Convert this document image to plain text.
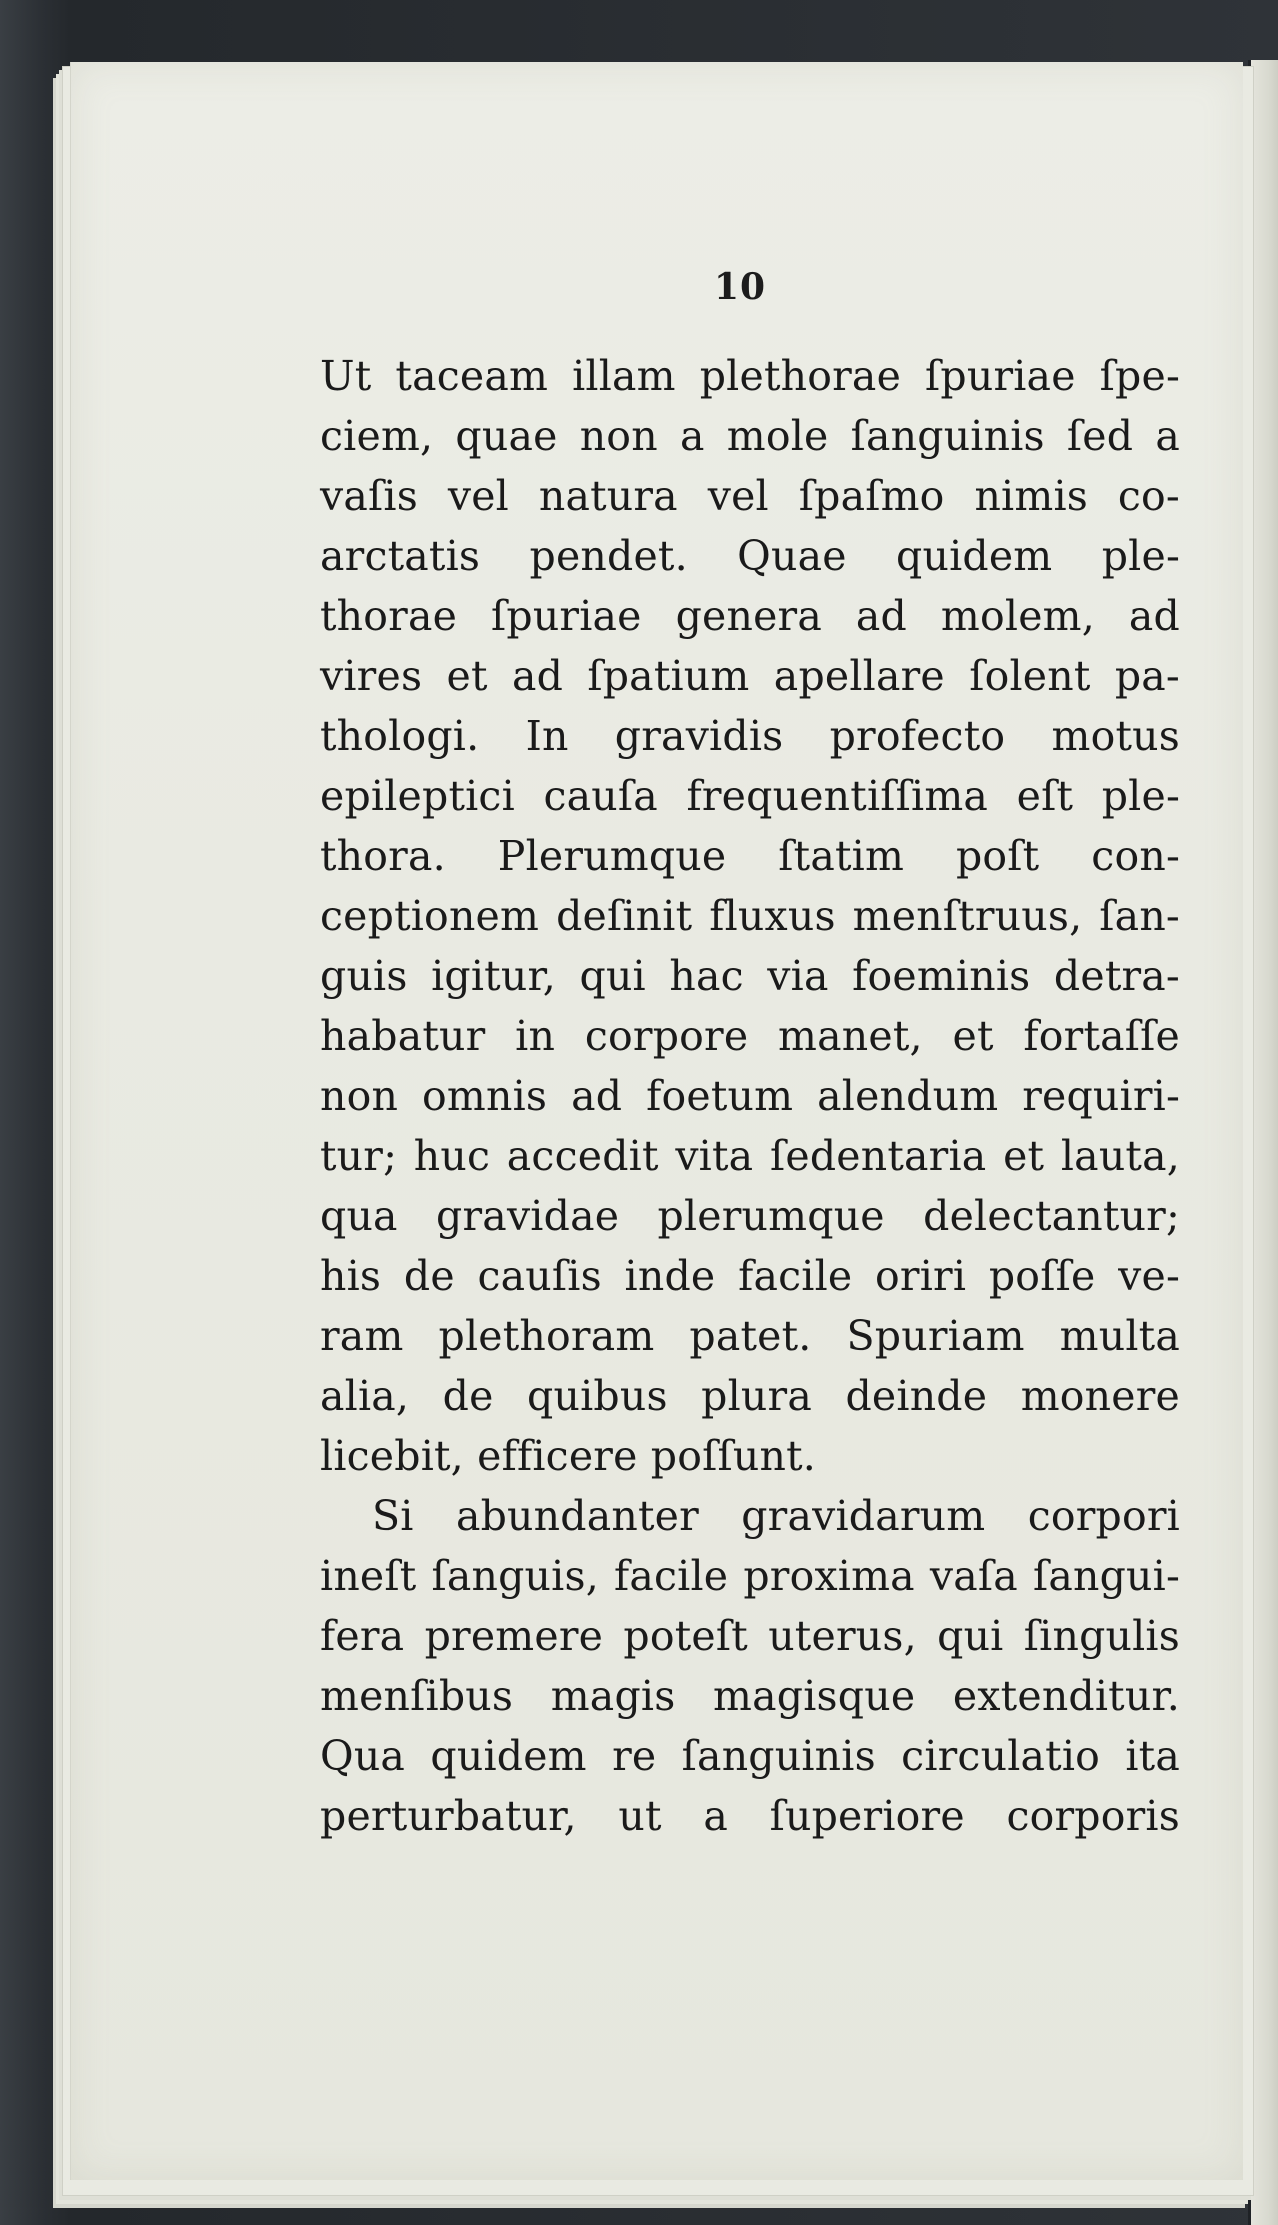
10
Ut taceam illam plethorae ſpuriae ſpe-
ciem, quae non a mole ſanguinis ſed a
vaſis vel natura vel ſpaſmo nimis co-
arctatis pendet. Quae quidem ple-
thorae ſpuriae genera ad molem, ad
vires et ad ſpatium apellare ſolent pa-
thologi. In gravidis profecto motus
epileptici cauſa frequentiſſima eſt ple-
thora. Plerumque ſtatim poſt con-
ceptionem deſinit fluxus menſtruus, ſan-
guis igitur, qui hac via foeminis detra-
habatur in corpore manet, et fortaſſe
non omnis ad foetum alendum requiri-
tur; huc accedit vita ſedentaria et lauta,
qua gravidae plerumque delectantur;
his de cauſis inde facile oriri poſſe ve-
ram plethoram patet. Spuriam multa
alia, de quibus plura deinde monere
licebit, efficere poſſunt.
Si abundanter gravidarum corpori
ineſt ſanguis, facile proxima vaſa ſangui-
fera premere poteſt uterus, qui ſingulis
menſibus magis magisque extenditur.
Qua quidem re ſanguinis circulatio ita
perturbatur, ut a ſuperiore corporis
